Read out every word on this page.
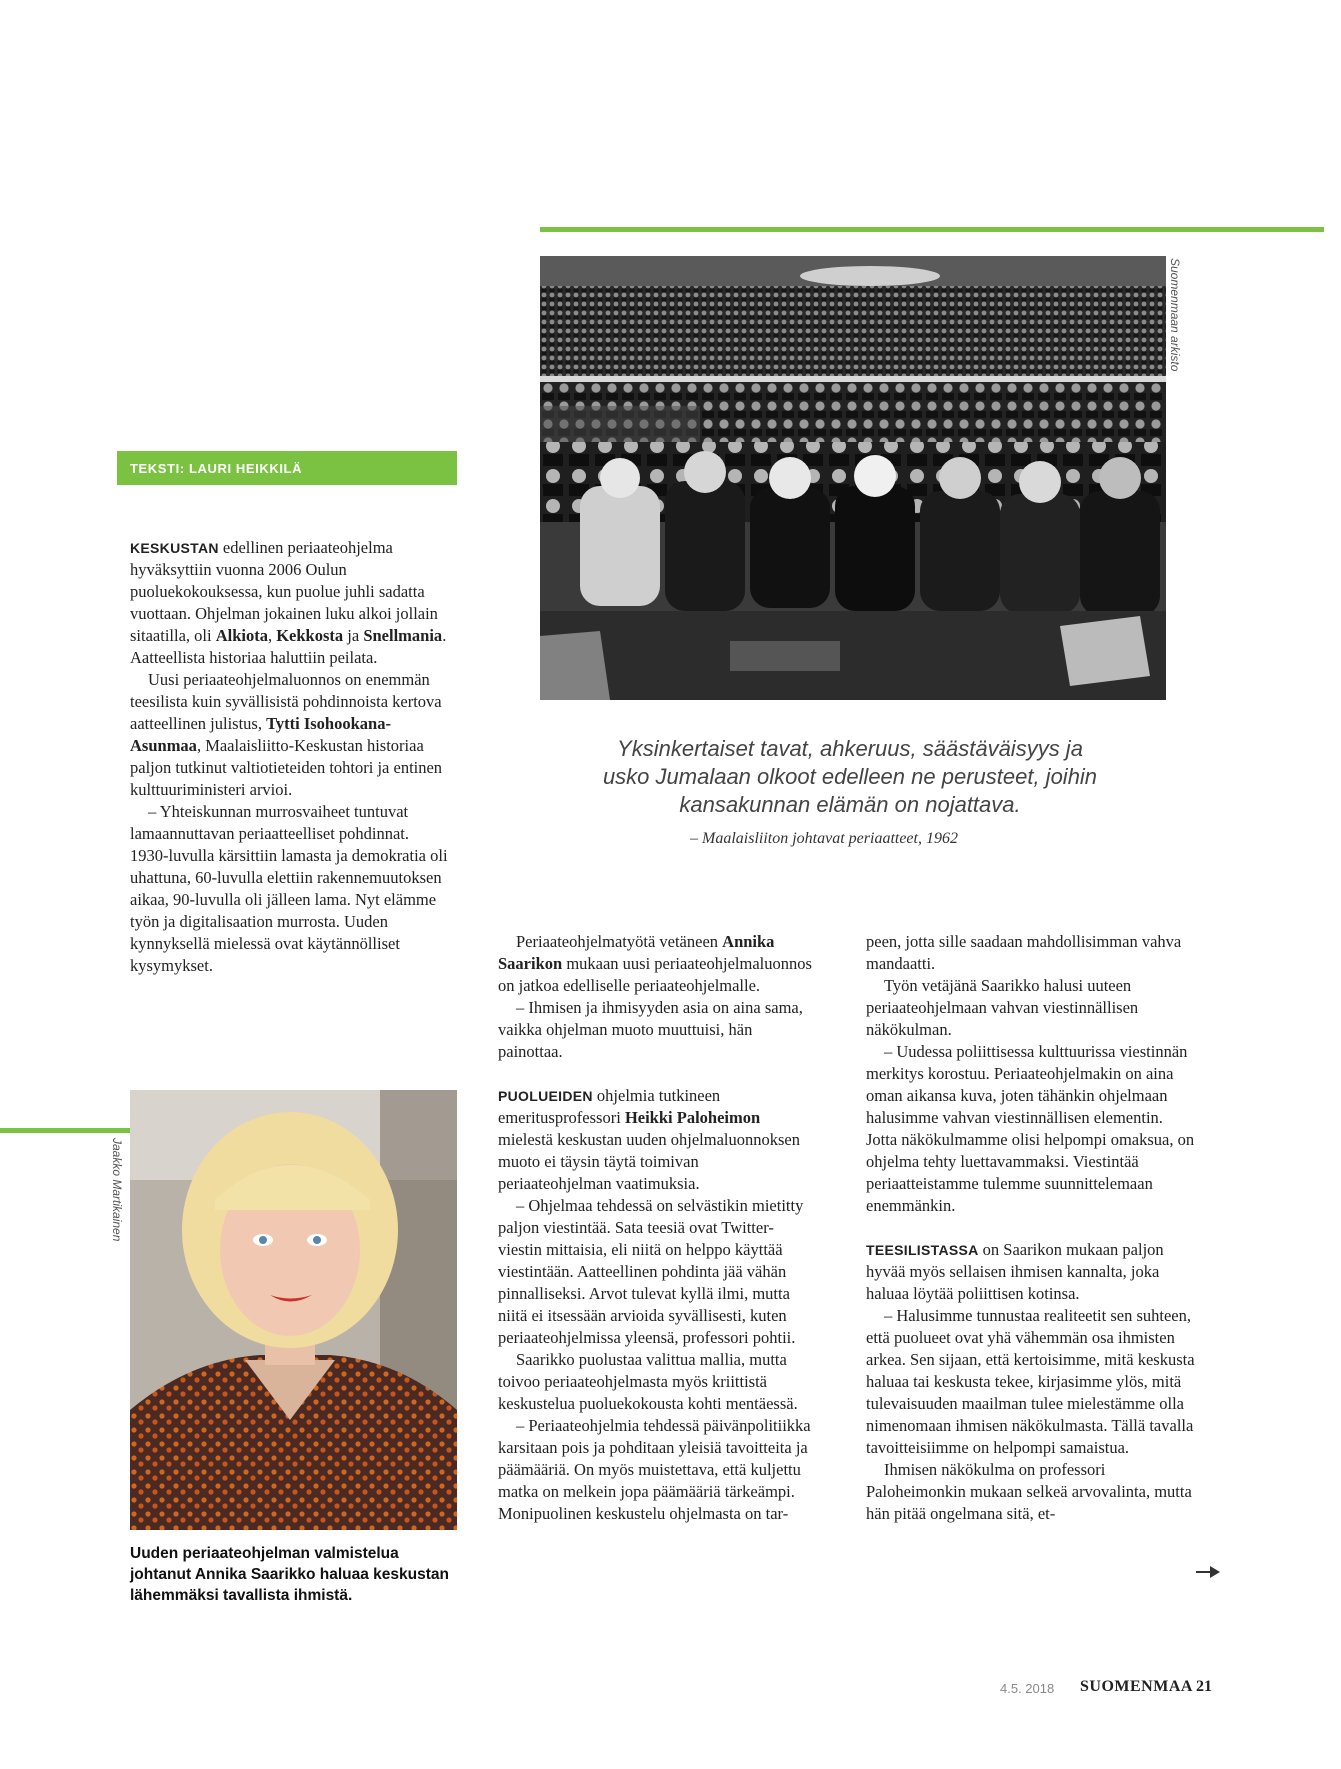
Suomenmaan arkisto
TEKSTI: LAURI HEIKKILÄ
Yksinkertaiset tavat, ahkeruus, säästäväisyys ja
usko Jumalaan olkoot edelleen ne perusteet, joihin
kansakunnan elämän on nojattava.
– Maalaisliiton johtavat periaatteet, 1962

KESKUSTAN edellinen periaateohjelma hyväksyttiin vuonna 2006 Oulun puoluekokouksessa, kun puolue juhli sadatta vuottaan. Ohjelman jokainen luku alkoi jollain sitaatilla, oli Alkiota, Kekkosta ja Snellmania. Aatteellista historiaa haluttiin peilata.

Uusi periaateohjelmaluonnos on enemmän teesilista kuin syvällisistä pohdinnoista kertova aatteellinen julistus, Tytti Isohookana-Asunmaa, Maalaisliitto-Keskustan historiaa paljon tutkinut valtiotieteiden tohtori ja entinen kulttuuriministeri arvioi.

– Yhteiskunnan murrosvaiheet tuntuvat lamaannuttavan periaatteelliset pohdinnat. 1930-luvulla kärsittiin lamasta ja demokratia oli uhattuna, 60-luvulla elettiin rakennemuutoksen aikaa, 90-luvulla oli jälleen lama. Nyt elämme työn ja digitalisaation murrosta. Uuden kynnyksellä mielessä ovat käytännölliset kysymykset.

Jaakko Martikainen
Uuden periaateohjelman valmistelua johtanut Annika Saarikko haluaa keskustan lähemmäksi tavallista ihmistä.

Periaateohjelmatyötä vetäneen Annika Saarikon mukaan uusi periaateohjelmaluonnos on jatkoa edelliselle periaateohjelmalle.

– Ihmisen ja ihmisyyden asia on aina sama, vaikka ohjelman muoto muuttuisi, hän painottaa.

PUOLUEIDEN ohjelmia tutkineen emeritusprofessori Heikki Paloheimon mielestä keskustan uuden ohjelmaluonnoksen muoto ei täysin täytä toimivan periaateohjelman vaatimuksia.

– Ohjelmaa tehdessä on selvästikin mietitty paljon viestintää. Sata teesiä ovat Twitter-viestin mittaisia, eli niitä on helppo käyttää viestintään. Aatteellinen pohdinta jää vähän pinnalliseksi. Arvot tulevat kyllä ilmi, mutta niitä ei itsessään arvioida syvällisesti, kuten periaateohjelmissa yleensä, professori pohtii.

Saarikko puolustaa valittua mallia, mutta toivoo periaateohjelmasta myös kriittistä keskustelua puoluekokousta kohti mentäessä.

– Periaateohjelmia tehdessä päivänpolitiikka karsitaan pois ja pohditaan yleisiä tavoitteita ja päämääriä. On myös muistettava, että kuljettu matka on melkein jopa päämääriä tärkeämpi. Monipuolinen keskustelu ohjelmasta on tar-

peen, jotta sille saadaan mahdollisimman vahva mandaatti.

Työn vetäjänä Saarikko halusi uuteen periaateohjelmaan vahvan viestinnällisen näkökulman.

– Uudessa poliittisessa kulttuurissa viestinnän merkitys korostuu. Periaateohjelmakin on aina oman aikansa kuva, joten tähänkin ohjelmaan halusimme vahvan viestinnällisen elementin. Jotta näkökulmamme olisi helpompi omaksua, on ohjelma tehty luettavammaksi. Viestintää periaatteistamme tulemme suunnittelemaan enemmänkin.

TEESILISTASSA on Saarikon mukaan paljon hyvää myös sellaisen ihmisen kannalta, joka haluaa löytää poliittisen kotinsa.

– Halusimme tunnustaa realiteetit sen suhteen, että puolueet ovat yhä vähemmän osa ihmisten arkea. Sen sijaan, että kertoisimme, mitä keskusta haluaa tai keskusta tekee, kirjasimme ylös, mitä tulevaisuuden maailman tulee mielestämme olla nimenomaan ihmisen näkökulmasta. Tällä tavalla tavoitteisiimme on helpompi samaistua.

Ihmisen näkökulma on professori Paloheimonkin mukaan selkeä arvovalinta, mutta hän pitää ongelmana sitä, et-

4.5. 2018 SUOMENMAA 21
